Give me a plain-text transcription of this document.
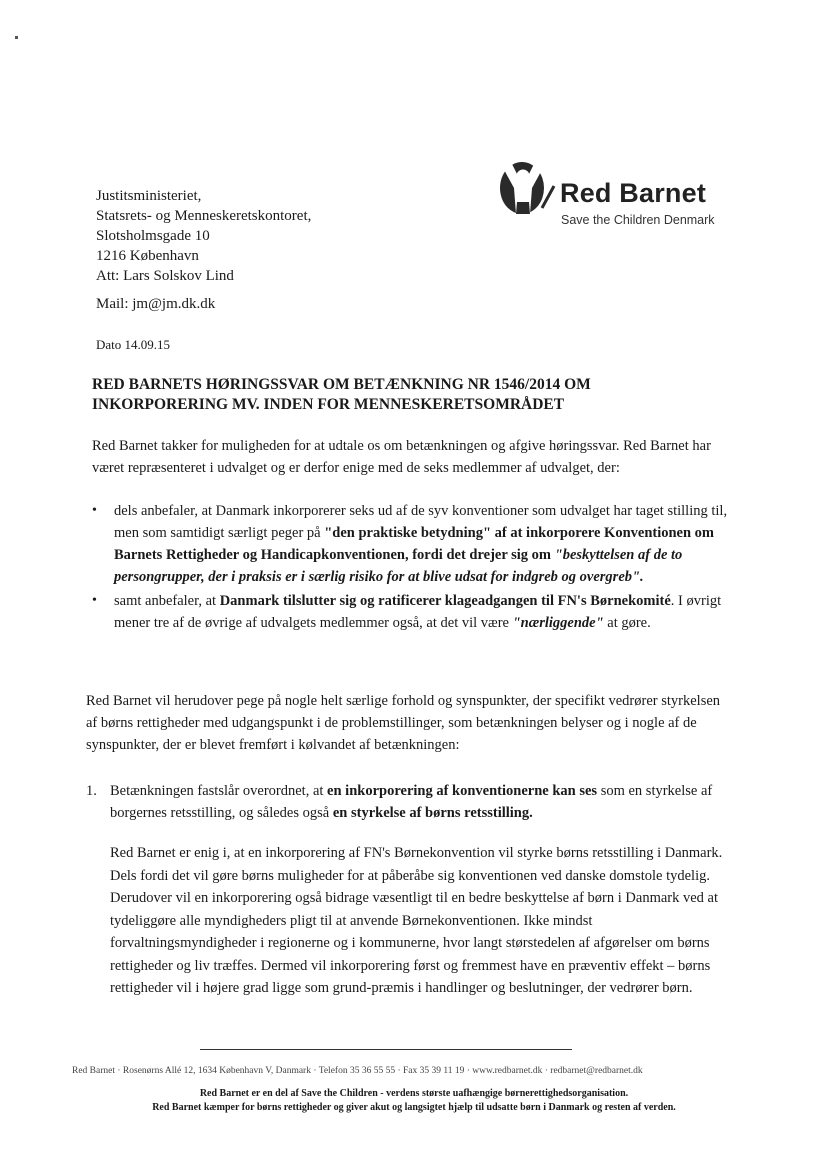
Red Barnet
Save the Children Denmark
Justitsministeriet,
Statsrets- og Menneskeretskontoret,
Slotsholmsgade 10
1216 København
Att: Lars Solskov Lind
Mail: jm@jm.dk.dk
Dato 14.09.15
RED BARNETS HØRINGSSVAR OM BETÆNKNING NR 1546/2014 OM
INKORPORERING MV. INDEN FOR MENNESKERETSOMRÅDET
Red Barnet takker for muligheden for at udtale os om betænkningen og afgive høringssvar. Red Barnet har været repræsenteret i udvalget og er derfor enige med de seks medlemmer af udvalget, der:
• dels anbefaler, at Danmark inkorporerer seks ud af de syv konventioner som udvalget har taget stilling til, men som samtidigt særligt peger på "den praktiske betydning" af at inkorporere Konventionen om Barnets Rettigheder og Handicapkonventionen, fordi det drejer sig om "beskyttelsen af de to persongrupper, der i praksis er i særlig risiko for at blive udsat for indgreb og overgreb".
• samt anbefaler, at Danmark tilslutter sig og ratificerer klageadgangen til FN's Børnekomité. I øvrigt mener tre af de øvrige af udvalgets medlemmer også, at det vil være "nærliggende" at gøre.
Red Barnet vil herudover pege på nogle helt særlige forhold og synspunkter, der specifikt vedrører styrkelsen af børns rettigheder med udgangspunkt i de problemstillinger, som betænkningen belyser og i nogle af de synspunkter, der er blevet fremført i kølvandet af betænkningen:
1. Betænkningen fastslår overordnet, at en inkorporering af konventionerne kan ses som en styrkelse af borgernes retsstilling, og således også en styrkelse af børns retsstilling.
Red Barnet er enig i, at en inkorporering af FN's Børnekonvention vil styrke børns retsstilling i Danmark. Dels fordi det vil gøre børns muligheder for at påberåbe sig konventionen ved danske domstole tydelig. Derudover vil en inkorporering også bidrage væsentligt til en bedre beskyttelse af børn i Danmark ved at tydeliggøre alle myndigheders pligt til at anvende Børnekonventionen. Ikke mindst forvaltningsmyndigheder i regionerne og i kommunerne, hvor langt størstedelen af afgørelser om børns rettigheder og liv træffes. Dermed vil inkorporering først og fremmest have en præventiv effekt – børns rettigheder vil i højere grad ligge som grund-præmis i handlinger og beslutninger, der vedrører børn.
Red Barnet · Rosenørns Allé 12, 1634 København V, Danmark · Telefon 35 36 55 55 · Fax 35 39 11 19 · www.redbarnet.dk · redbarnet@redbarnet.dk
Red Barnet er en del af Save the Children - verdens største uafhængige børnerettighedsorganisation.
Red Barnet kæmper for børns rettigheder og giver akut og langsigtet hjælp til udsatte børn i Danmark og resten af verden.
